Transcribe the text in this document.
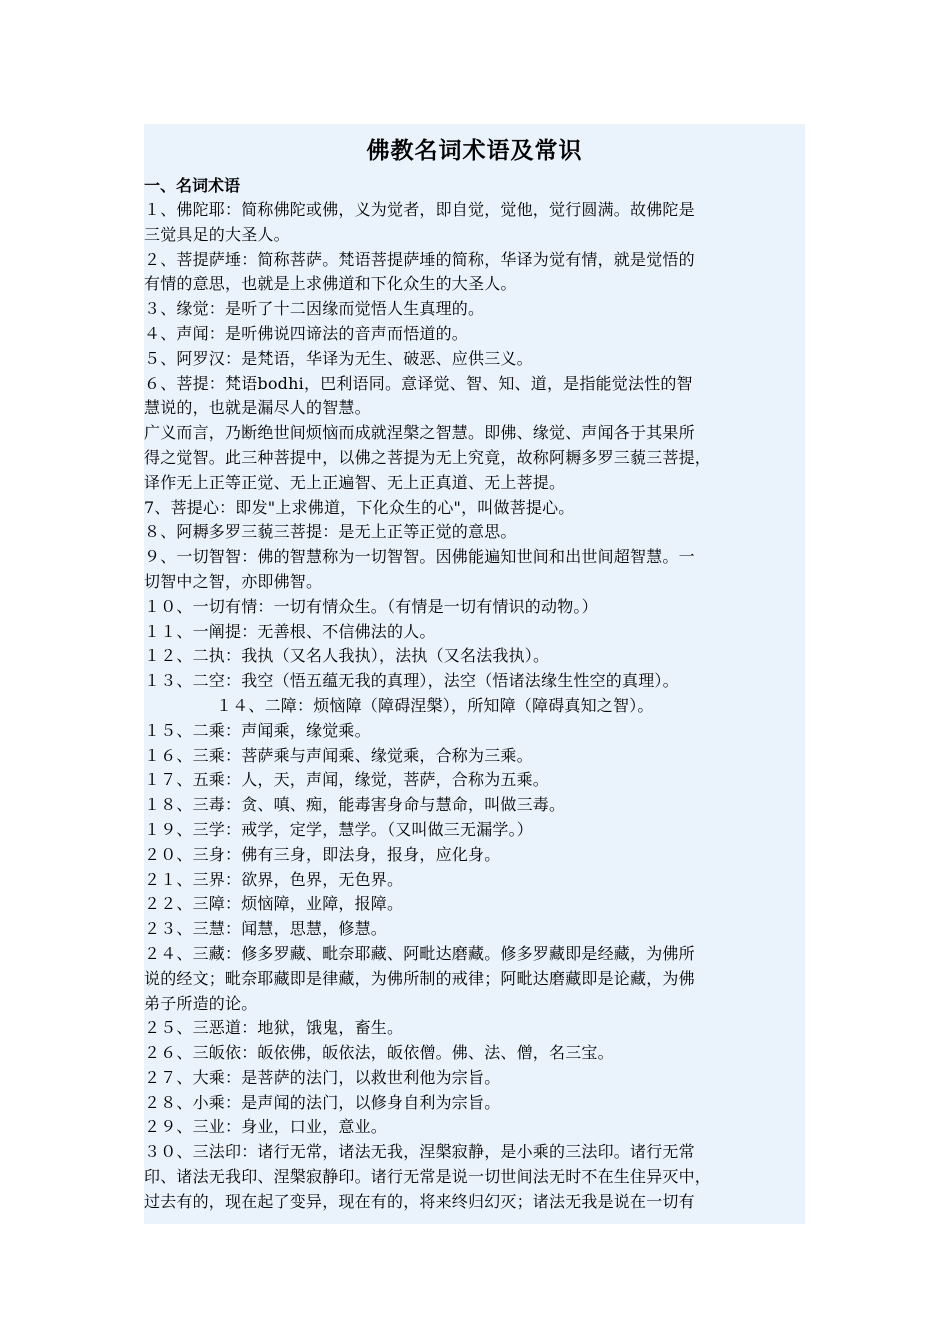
佛教名词术语及常识

一、名词术语

１、佛陀耶：简称佛陀或佛，义为觉者，即自觉，觉他，觉行圆满。故佛陀是

三觉具足的大圣人。

２、菩提萨埵：简称菩萨。梵语菩提萨埵的简称，华译为觉有情，就是觉悟的

有情的意思，也就是上求佛道和下化众生的大圣人。

３、缘觉：是听了十二因缘而觉悟人生真理的。

４、声闻：是听佛说四谛法的音声而悟道的。

５、阿罗汉：是梵语，华译为无生、破恶、应供三义。

６、菩提：梵语bodhi，巴利语同。意译觉、智、知、道，是指能觉法性的智

慧说的，也就是漏尽人的智慧。

广义而言，乃断绝世间烦恼而成就涅槃之智慧。即佛、缘觉、声闻各于其果所

得之觉智。此三种菩提中，以佛之菩提为无上究竟，故称阿耨多罗三藐三菩提，

译作无上正等正觉、无上正遍智、无上正真道、无上菩提。

7、菩提心：即发"上求佛道，下化众生的心"，叫做菩提心。

８、阿耨多罗三藐三菩提：是无上正等正觉的意思。

９、一切智智：佛的智慧称为一切智智。因佛能遍知世间和出世间超智慧。一

切智中之智，亦即佛智。

１０、一切有情：一切有情众生。（有情是一切有情识的动物。）

１１、一阐提：无善根、不信佛法的人。

１２、二执：我执（又名人我执），法执（又名法我执）。

１３、二空：我空（悟五蕴无我的真理），法空（悟诸法缘生性空的真理）。

１４、二障：烦恼障（障碍涅槃），所知障（障碍真知之智）。

１５、二乘：声闻乘，缘觉乘。

１６、三乘：菩萨乘与声闻乘、缘觉乘，合称为三乘。

１７、五乘：人，天，声闻，缘觉，菩萨，合称为五乘。

１８、三毒：贪、嗔、痴，能毒害身命与慧命，叫做三毒。

１９、三学：戒学，定学，慧学。（又叫做三无漏学。）

２０、三身：佛有三身，即法身，报身，应化身。

２１、三界：欲界，色界，无色界。

２２、三障：烦恼障，业障，报障。

２３、三慧：闻慧，思慧，修慧。

２４、三藏：修多罗藏、毗奈耶藏、阿毗达磨藏。修多罗藏即是经藏，为佛所

说的经文；毗奈耶藏即是律藏，为佛所制的戒律；阿毗达磨藏即是论藏，为佛

弟子所造的论。

２５、三恶道：地狱，饿鬼，畜生。

２６、三皈依：皈依佛，皈依法，皈依僧。佛、法、僧，名三宝。

２７、大乘：是菩萨的法门，以救世利他为宗旨。

２８、小乘：是声闻的法门，以修身自利为宗旨。

２９、三业：身业，口业，意业。

３０、三法印：诸行无常，诸法无我，涅槃寂静，是小乘的三法印。诸行无常

印、诸法无我印、涅槃寂静印。诸行无常是说一切世间法无时不在生住异灭中，

过去有的，现在起了变异，现在有的，将来终归幻灭；诸法无我是说在一切有
